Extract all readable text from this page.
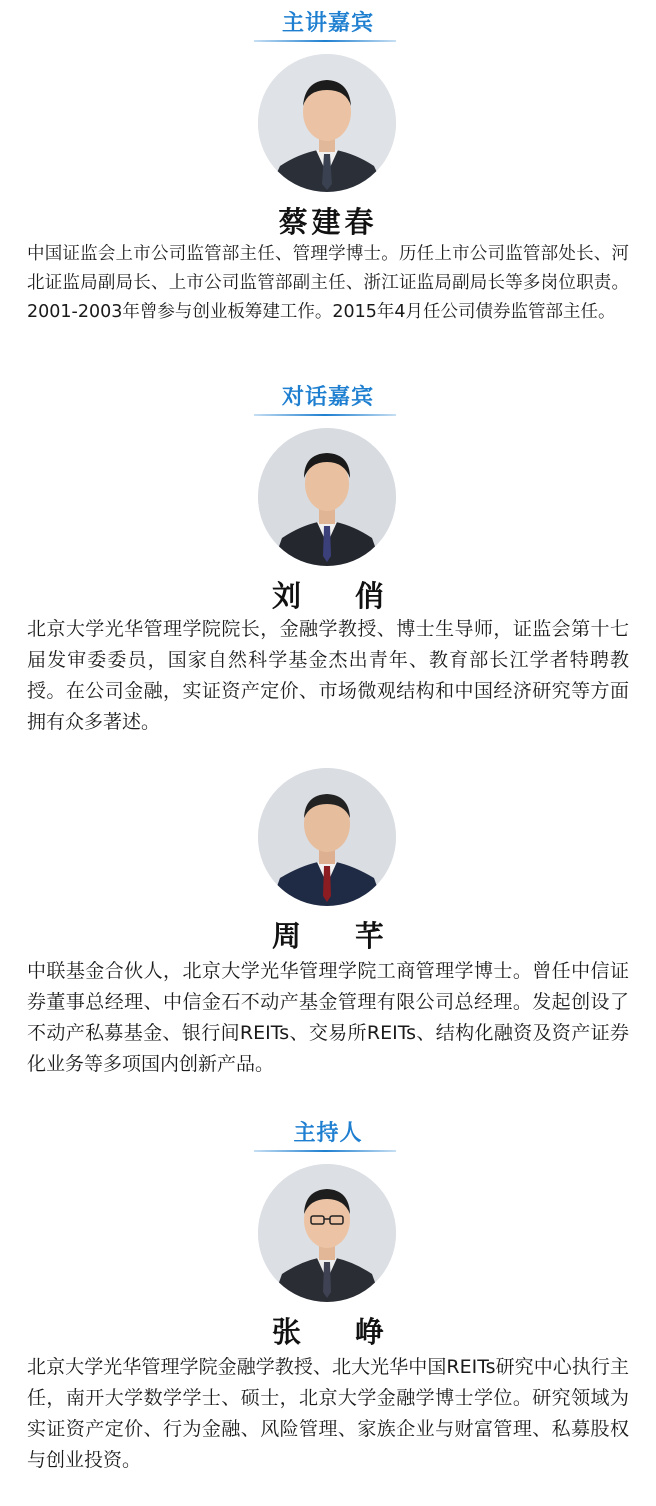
主讲嘉宾
蔡建春

中国证监会上市公司监管部主任、管理学博士。历任上市公司监管部处长、河北证监局副局长、上市公司监管部副主任、浙江证监局副局长等多岗位职责。2001-2003年曾参与创业板筹建工作。2015年4月任公司债券监管部主任。

对话嘉宾
刘 俏

北京大学光华管理学院院长，金融学教授、博士生导师，证监会第十七届发审委委员，国家自然科学基金杰出青年、教育部长江学者特聘教授。在公司金融，实证资产定价、市场微观结构和中国经济研究等方面拥有众多著述。

周 芊

中联基金合伙人，北京大学光华管理学院工商管理学博士。曾任中信证券董事总经理、中信金石不动产基金管理有限公司总经理。发起创设了不动产私募基金、银行间REITs、交易所REITs、结构化融资及资产证券化业务等多项国内创新产品。

主持人
张 峥

北京大学光华管理学院金融学教授、北大光华中国REITs研究中心执行主任，南开大学数学学士、硕士，北京大学金融学博士学位。研究领域为实证资产定价、行为金融、风险管理、家族企业与财富管理、私募股权与创业投资。
